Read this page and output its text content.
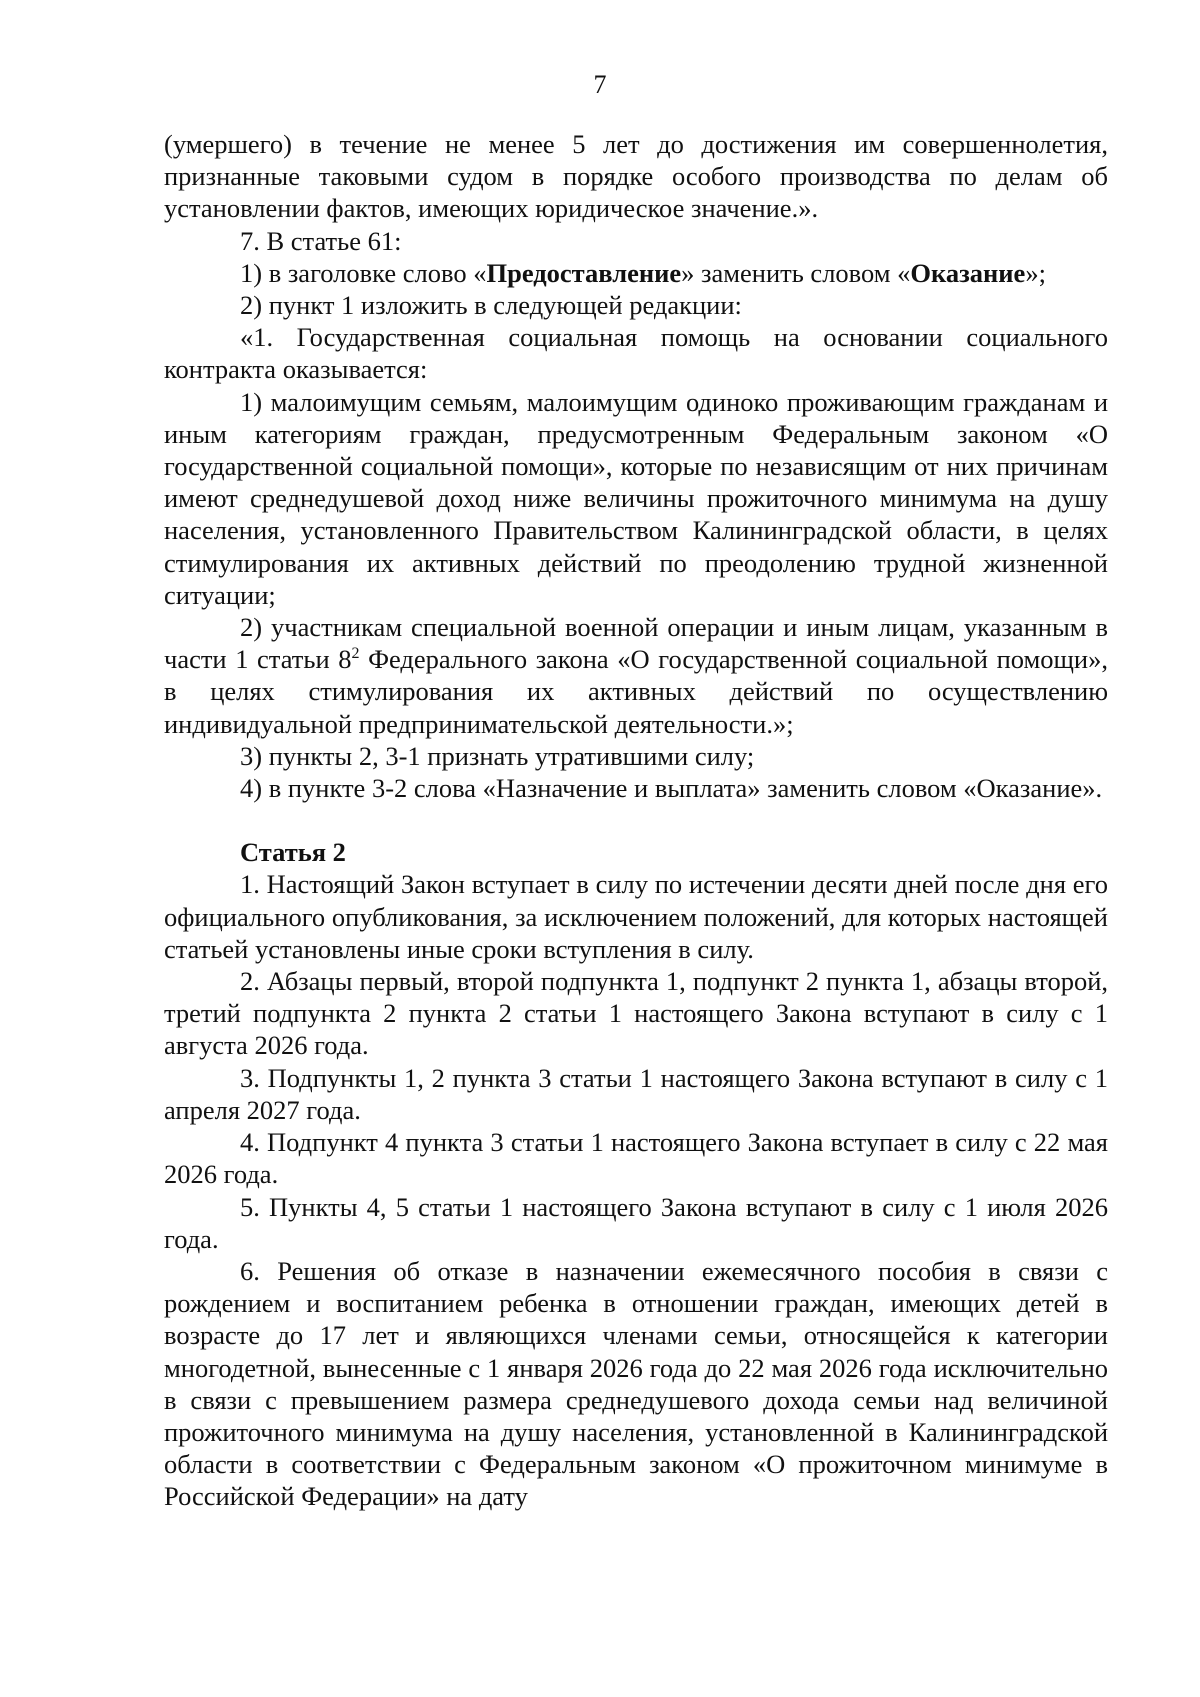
7

(умершего) в течение не менее 5 лет до достижения им совершеннолетия, признанные таковыми судом в порядке особого производства по делам об установлении фактов, имеющих юридическое значение.».

7. В статье 61:

1) в заголовке слово «Предоставление» заменить словом «Оказание»;

2) пункт 1 изложить в следующей редакции:

«1. Государственная социальная помощь на основании социального контракта оказывается:

1) малоимущим семьям, малоимущим одиноко проживающим гражданам и иным категориям граждан, предусмотренным Федеральным законом «О государственной социальной помощи», которые по независящим от них причинам имеют среднедушевой доход ниже величины прожиточного минимума на душу населения, установленного Правительством Калининградской области, в целях стимулирования их активных действий по преодолению трудной жизненной ситуации;

2) участникам специальной военной операции и иным лицам, указанным в части 1 статьи $8^2$ Федерального закона «О государственной социальной помощи», в целях стимулирования их активных действий по осуществлению индивидуальной предпринимательской деятельности.»;

3) пункты 2, 3-1 признать утратившими силу;

4) в пункте 3-2 слова «Назначение и выплата» заменить словом «Оказание».

Статья 2

1. Настоящий Закон вступает в силу по истечении десяти дней после дня его официального опубликования, за исключением положений, для которых настоящей статьей установлены иные сроки вступления в силу.

2. Абзацы первый, второй подпункта 1, подпункт 2 пункта 1, абзацы второй, третий подпункта 2 пункта 2 статьи 1 настоящего Закона вступают в силу с 1 августа 2026 года.

3. Подпункты 1, 2 пункта 3 статьи 1 настоящего Закона вступают в силу с 1 апреля 2027 года.

4. Подпункт 4 пункта 3 статьи 1 настоящего Закона вступает в силу с 22 мая 2026 года.

5. Пункты 4, 5 статьи 1 настоящего Закона вступают в силу с 1 июля 2026 года.

6. Решения об отказе в назначении ежемесячного пособия в связи с рождением и воспитанием ребенка в отношении граждан, имеющих детей в возрасте до 17 лет и являющихся членами семьи, относящейся к категории многодетной, вынесенные с 1 января 2026 года до 22 мая 2026 года исключительно в связи с превышением размера среднедушевого дохода семьи над величиной прожиточного минимума на душу населения, установленной в Калининградской области в соответствии с Федеральным законом «О прожиточном минимуме в Российской Федерации» на дату
